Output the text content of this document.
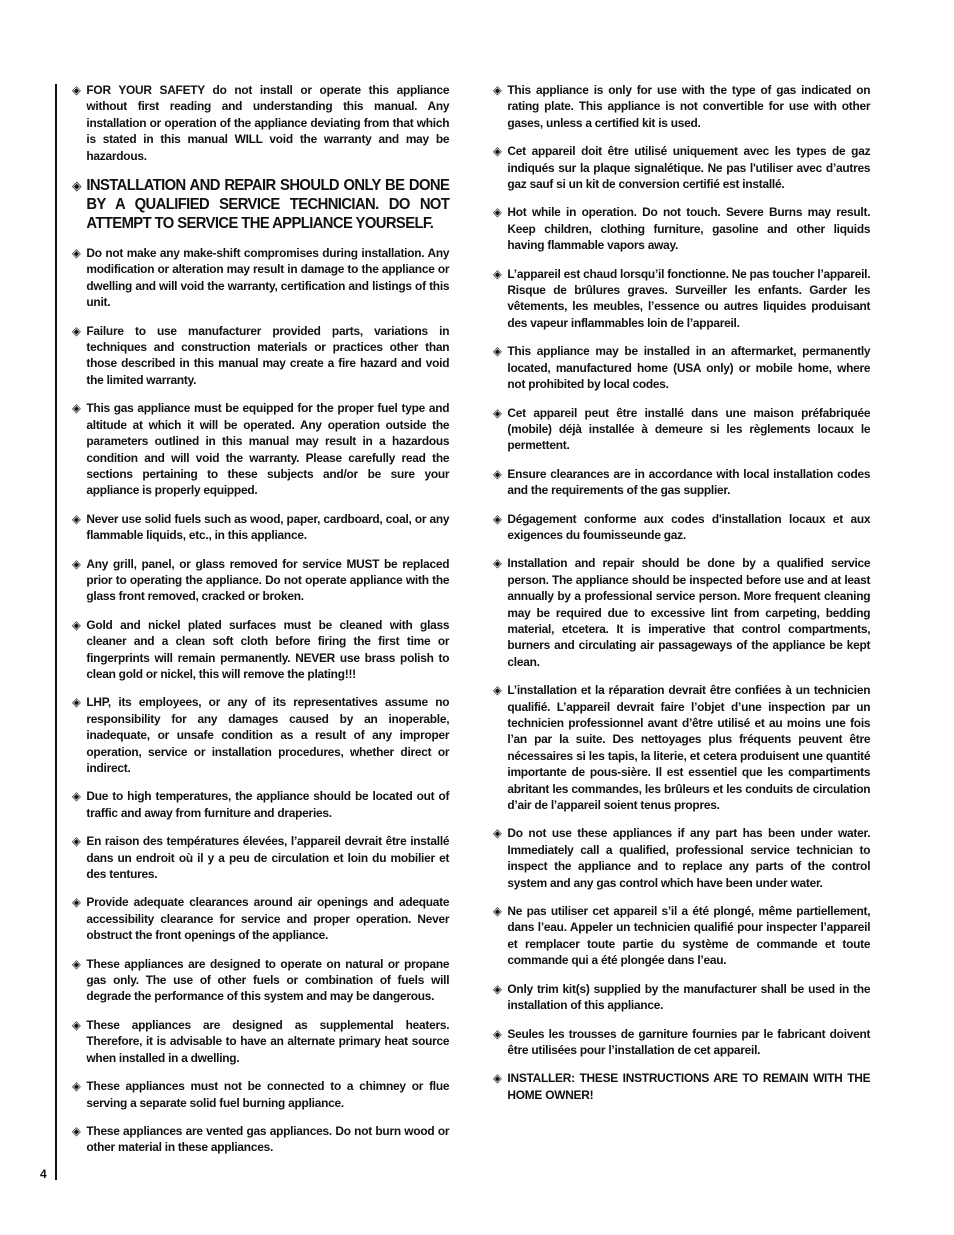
◈ FOR YOUR SAFETY do not install or operate this appliance without first reading and understanding this manual. Any installation or operation of the appliance deviating from that which is stated in this manual WILL void the warranty and may be hazardous.

◈ INSTALLATION AND REPAIR SHOULD ONLY BE DONE BY A QUALIFIED SERVICE TECHNICIAN. DO NOT ATTEMPT TO SERVICE THE APPLIANCE YOURSELF.

◈ Do not make any make-shift compromises during installation. Any modification or alteration may result in damage to the appliance or dwelling and will void the warranty, certification and listings of this unit.

◈ Failure to use manufacturer provided parts, variations in techniques and construction materials or practices other than those described in this manual may create a fire hazard and void the limited warranty.

◈ This gas appliance must be equipped for the proper fuel type and altitude at which it will be operated. Any operation outside the parameters outlined in this manual may result in a hazardous condition and will void the warranty. Please carefully read the sections pertaining to these subjects and/or be sure your appliance is properly equipped.

◈ Never use solid fuels such as wood, paper, cardboard, coal, or any flammable liquids, etc., in this appliance.

◈ Any grill, panel, or glass removed for service MUST be replaced prior to operating the appliance. Do not operate appliance with the glass front removed, cracked or broken.

◈ Gold and nickel plated surfaces must be cleaned with glass cleaner and a clean soft cloth before firing the first time or fingerprints will remain permanently. NEVER use brass polish to clean gold or nickel, this will remove the plating!!!

◈ LHP, its employees, or any of its representatives assume no responsibility for any damages caused by an inoperable, inadequate, or unsafe condition as a result of any improper operation, service or installation procedures, whether direct or indirect.

◈ Due to high temperatures, the appliance should be located out of traffic and away from furniture and draperies.

◈ En raison des températures élevées, l’appareil devrait être installé dans un endroit où il y a peu de circulation et loin du mobilier et des tentures.

◈ Provide adequate clearances around air openings and adequate accessibility clearance for service and proper operation. Never obstruct the front openings of the appliance.

◈ These appliances are designed to operate on natural or propane gas only. The use of other fuels or combination of fuels will degrade the performance of this system and may be dangerous.

◈ These appliances are designed as supplemental heaters. Therefore, it is advisable to have an alternate primary heat source when installed in a dwelling.

◈ These appliances must not be connected to a chimney or flue serving a separate solid fuel burning appliance.

◈ These appliances are vented gas appliances. Do not burn wood or other material in these appliances.

◈ This appliance is only for use with the type of gas indicated on rating plate. This appliance is not convertible for use with other gases, unless a certified kit is used.

◈ Cet appareil doit être utilisé uniquement avec les types de gaz indiqués sur la plaque signalétique. Ne pas l'utiliser avec d’autres gaz sauf si un kit de conversion certifié est installé.

◈ Hot while in operation. Do not touch. Severe Burns may result. Keep children, clothing furniture, gasoline and other liquids having flammable vapors away.

◈ L’appareil est chaud lorsqu’il fonctionne. Ne pas toucher l’appareil. Risque de brûlures graves. Surveiller les enfants. Garder les vêtements, les meubles, l’essence ou autres liquides produisant des vapeur inflammables loin de l’appareil.

◈ This appliance may be installed in an aftermarket, permanently located, manufactured home (USA only) or mobile home, where not prohibited by local codes.

◈ Cet appareil peut être installé dans une maison préfabriquée (mobile) déjà installée à demeure si les règlements locaux le permettent.

◈ Ensure clearances are in accordance with local installation codes and the requirements of the gas supplier.

◈ Dégagement conforme aux codes d'installation locaux et aux exigences du foumisseunde gaz.

◈ Installation and repair should be done by a qualified service person. The appliance should be inspected before use and at least annually by a professional service person. More frequent cleaning may be required due to excessive lint from carpeting, bedding material, etcetera. It is imperative that control compartments, burners and circulating air passageways of the appliance be kept clean.

◈ L’installation et la réparation devrait être confiées à un technicien qualifié. L’appareil devrait faire l’objet d’une inspection par un technicien professionnel avant d’être utilisé et au moins une fois l’an par la suite. Des nettoyages plus fréquents peuvent être nécessaires si les tapis, la literie, et cetera produisent une quantité importante de pous-sière. Il est essentiel que les compartiments abritant les commandes, les brûleurs et les conduits de circulation d’air de l’appareil soient tenus propres.

◈ Do not use these appliances if any part has been under water. Immediately call a qualified, professional service technician to inspect the appliance and to replace any parts of the control system and any gas control which have been under water.

◈ Ne pas utiliser cet appareil s’il a été plongé, même partiellement, dans l’eau. Appeler un technicien qualifié pour inspecter l’appareil et remplacer toute partie du système de commande et toute commande qui a été plongée dans l’eau.

◈ Only trim kit(s) supplied by the manufacturer shall be used in the installation of this appliance.

◈ Seules les trousses de garniture fournies par le fabricant doivent être utilisées pour l’installation de cet appareil.

◈ INSTALLER: THESE INSTRUCTIONS ARE TO REMAIN WITH THE HOME OWNER!

4
